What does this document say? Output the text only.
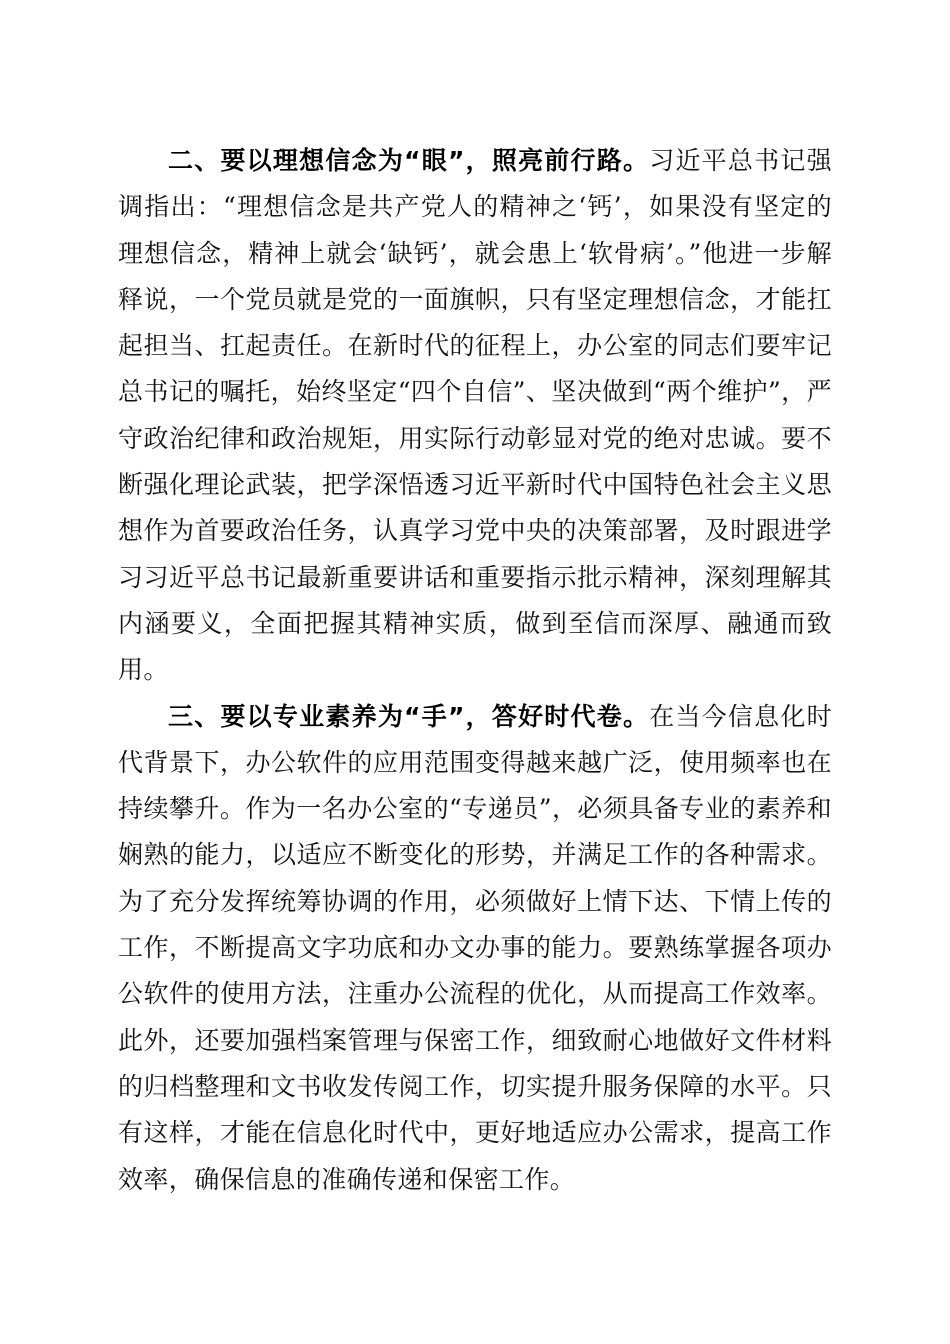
二、要以理想信念为“眼”，照亮前行路。习近平总书记强调指出：“理想信念是共产党人的精神之‘钙’，如果没有坚定的理想信念，精神上就会‘缺钙’，就会患上‘软骨病’。”他进一步解释说，一个党员就是党的一面旗帜，只有坚定理想信念，才能扛起担当、扛起责任。在新时代的征程上，办公室的同志们要牢记总书记的嘱托，始终坚定“四个自信”、坚决做到“两个维护”，严守政治纪律和政治规矩，用实际行动彰显对党的绝对忠诚。要不断强化理论武装，把学深悟透习近平新时代中国特色社会主义思想作为首要政治任务，认真学习党中央的决策部署，及时跟进学习习近平总书记最新重要讲话和重要指示批示精神，深刻理解其内涵要义，全面把握其精神实质，做到至信而深厚、融通而致用。

三、要以专业素养为“手”，答好时代卷。在当今信息化时代背景下，办公软件的应用范围变得越来越广泛，使用频率也在持续攀升。作为一名办公室的“专递员”，必须具备专业的素养和娴熟的能力，以适应不断变化的形势，并满足工作的各种需求。为了充分发挥统筹协调的作用，必须做好上情下达、下情上传的工作，不断提高文字功底和办文办事的能力。要熟练掌握各项办公软件的使用方法，注重办公流程的优化，从而提高工作效率。此外，还要加强档案管理与保密工作，细致耐心地做好文件材料的归档整理和文书收发传阅工作，切实提升服务保障的水平。只有这样，才能在信息化时代中，更好地适应办公需求，提高工作效率，确保信息的准确传递和保密工作。
